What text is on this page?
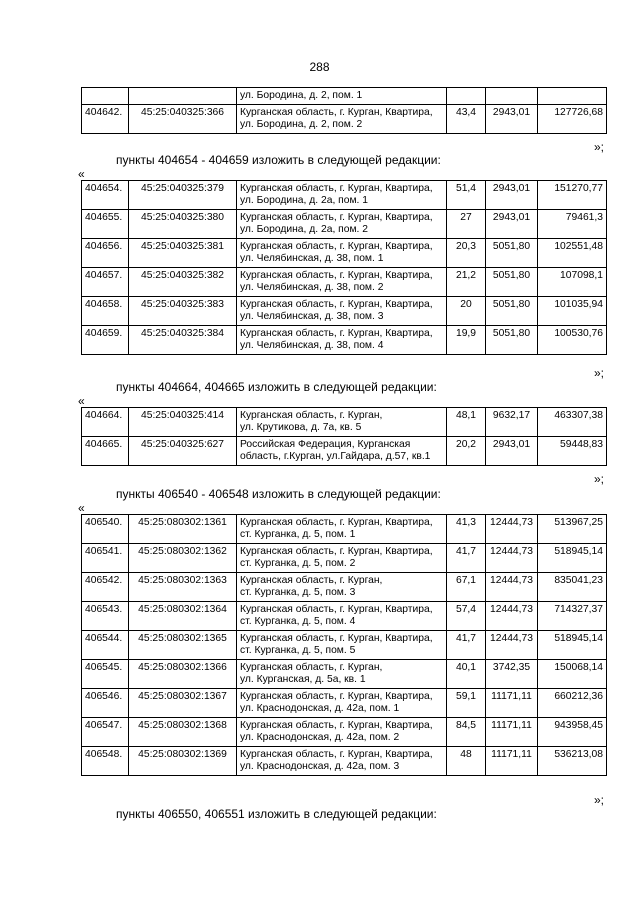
288

		ул. Бородина, д. 2, пом. 1			

404642.	45:25:040325:366	Курганская область, г. Курган, Квартира,
ул. Бородина, д. 2, пом. 2	43,4	2943,01	127726,68
»;
пункты 404654 - 404659 изложить в следующей редакции:
«
404654.	45:25:040325:379	Курганская область, г. Курган, Квартира,
ул. Бородина, д. 2а, пом. 1	51,4	2943,01	151270,77
404655.	45:25:040325:380	Курганская область, г. Курган, Квартира,
ул. Бородина, д. 2а, пом. 2	27	2943,01	79461,3
404656.	45:25:040325:381	Курганская область, г. Курган, Квартира,
ул. Челябинская, д. 38, пом. 1	20,3	5051,80	102551,48
404657.	45:25:040325:382	Курганская область, г. Курган, Квартира,
ул. Челябинская, д. 38, пом. 2	21,2	5051,80	107098,1
404658.	45:25:040325:383	Курганская область, г. Курган, Квартира,
ул. Челябинская, д. 38, пом. 3	20	5051,80	101035,94
404659.	45:25:040325:384	Курганская область, г. Курган, Квартира,
ул. Челябинская, д. 38, пом. 4	19,9	5051,80	100530,76
»;
пункты 404664, 404665 изложить в следующей редакции:
«
404664.	45:25:040325:414	Курганская область, г. Курган,
ул. Крутикова, д. 7а, кв. 5	48,1	9632,17	463307,38
404665.	45:25:040325:627	Российская Федерация, Курганская
область, г.Курган, ул.Гайдара, д.57, кв.1	20,2	2943,01	59448,83
»;
пункты 406540 - 406548 изложить в следующей редакции:
«
406540.	45:25:080302:1361	Курганская область, г. Курган, Квартира,
ст. Курганка, д. 5, пом. 1	41,3	12444,73	513967,25
406541.	45:25:080302:1362	Курганская область, г. Курган, Квартира,
ст. Курганка, д. 5, пом. 2	41,7	12444,73	518945,14
406542.	45:25:080302:1363	Курганская область, г. Курган,
ст. Курганка, д. 5, пом. 3	67,1	12444,73	835041,23
406543.	45:25:080302:1364	Курганская область, г. Курган, Квартира,
ст. Курганка, д. 5, пом. 4	57,4	12444,73	714327,37
406544.	45:25:080302:1365	Курганская область, г. Курган, Квартира,
ст. Курганка, д. 5, пом. 5	41,7	12444,73	518945,14
406545.	45:25:080302:1366	Курганская область, г. Курган,
ул. Курганская, д. 5а, кв. 1	40,1	3742,35	150068,14
406546.	45:25:080302:1367	Курганская область, г. Курган, Квартира,
ул. Краснодонская, д. 42а, пом. 1	59,1	11171,11	660212,36
406547.	45:25:080302:1368	Курганская область, г. Курган, Квартира,
ул. Краснодонская, д. 42а, пом. 2	84,5	11171,11	943958,45
406548.	45:25:080302:1369	Курганская область, г. Курган, Квартира,
ул. Краснодонская, д. 42а, пом. 3	48	11171,11	536213,08
»;
пункты 406550, 406551 изложить в следующей редакции:
